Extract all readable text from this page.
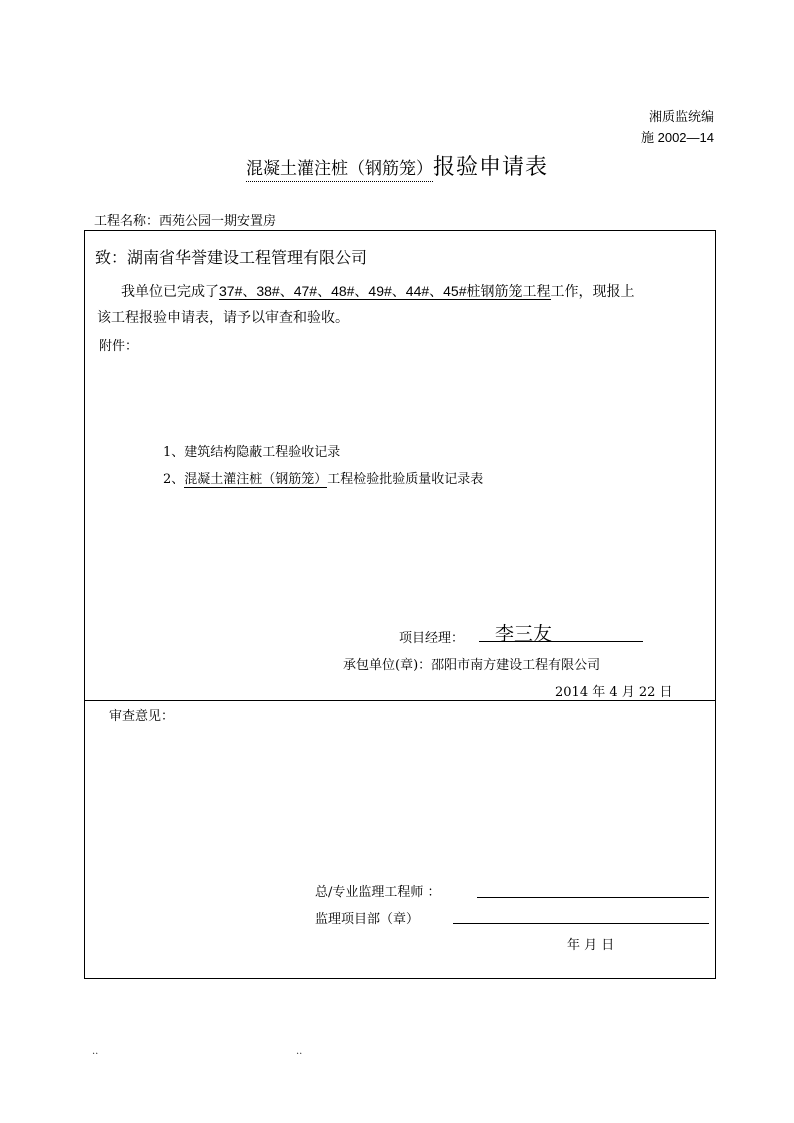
湘质监统编
施 2002—14
混凝土灌注桩（钢筋笼）报验申请表
工程名称：西苑公园一期安置房
致：湖南省华誉建设工程管理有限公司
我单位已完成了37#、38#、47#、48#、49#、44#、45#桩钢筋笼工程工作，现报上
该工程报验申请表，请予以审查和验收。
附件：
1、建筑结构隐蔽工程验收记录
2、混凝土灌注桩（钢筋笼）工程检验批验质量收记录表
项目经理： 李三友
承包单位(章)：邵阳市南方建设工程有限公司
2014 年 4 月 22 日
审查意见：
总/专业监理工程师 ：
监理项目部（章）
年 月 日
..	..
